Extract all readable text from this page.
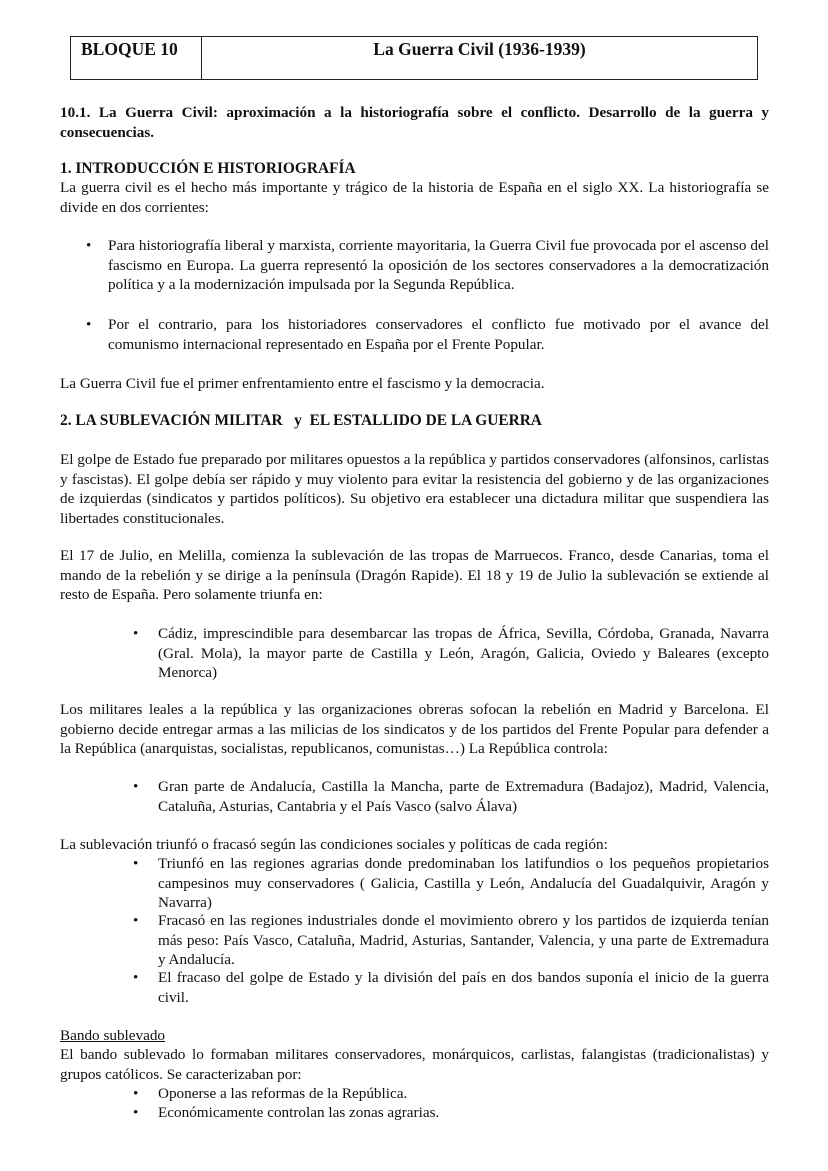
BLOQUE 10	La Guerra Civil (1936-1939)
10.1. La Guerra Civil: aproximación a la historiografía sobre el conflicto. Desarrollo de la guerra y consecuencias.
1. INTRODUCCIÓN E HISTORIOGRAFÍA
La guerra civil es el hecho más importante y trágico de la historia de España en el siglo XX. La historiografía se divide en dos corrientes:
•	Para historiografía liberal y marxista, corriente mayoritaria, la Guerra Civil fue provocada por el ascenso del fascismo en Europa. La guerra representó la oposición de los sectores conservadores a la democratización política y a la modernización impulsada por la Segunda República.
•	Por el contrario, para los historiadores conservadores el conflicto fue motivado por el avance del comunismo internacional representado en España por el Frente Popular.
La Guerra Civil fue el primer enfrentamiento entre el fascismo y la democracia.
2. LA SUBLEVACIÓN MILITAR   y  EL ESTALLIDO DE LA GUERRA
El golpe de Estado fue preparado por militares opuestos a la república y partidos conservadores (alfonsinos, carlistas y fascistas). El golpe debía ser rápido y muy violento para evitar la resistencia del gobierno y de las organizaciones de izquierdas (sindicatos y partidos políticos). Su objetivo era establecer una dictadura militar que suspendiera las libertades constitucionales.
El 17 de Julio, en Melilla, comienza la sublevación de las tropas de Marruecos. Franco, desde Canarias, toma el mando de la rebelión y se dirige a la península (Dragón Rapide). El 18 y 19 de Julio la sublevación se extiende al resto de España. Pero solamente triunfa en:
•	Cádiz, imprescindible para desembarcar las tropas de África, Sevilla, Córdoba, Granada, Navarra (Gral. Mola), la mayor parte de Castilla y León, Aragón, Galicia, Oviedo y Baleares (excepto Menorca)
Los militares leales a la república y las organizaciones obreras sofocan la rebelión en Madrid y Barcelona. El gobierno decide entregar armas a las milicias de los sindicatos y de los partidos del Frente Popular para defender a la República (anarquistas, socialistas, republicanos, comunistas…) La República controla:
•	Gran parte de Andalucía, Castilla la Mancha, parte de Extremadura (Badajoz), Madrid, Valencia, Cataluña, Asturias, Cantabria y el País Vasco (salvo Álava)
La sublevación triunfó o fracasó según las condiciones sociales y políticas de cada región:
•	Triunfó en las regiones agrarias donde predominaban los latifundios o los pequeños propietarios campesinos muy conservadores ( Galicia, Castilla y León, Andalucía del Guadalquivir, Aragón y Navarra)
•	Fracasó en las regiones industriales donde el movimiento obrero y los partidos de izquierda tenían más peso: País Vasco, Cataluña, Madrid, Asturias, Santander, Valencia, y una parte de Extremadura y Andalucía.
•	El fracaso del golpe de Estado y la división del país en dos bandos suponía el inicio de la guerra civil.
Bando sublevado
El bando sublevado lo formaban militares conservadores, monárquicos, carlistas, falangistas (tradicionalistas) y grupos católicos. Se caracterizaban por:
•	Oponerse a las reformas de la República.
•	Económicamente controlan las zonas agrarias.
